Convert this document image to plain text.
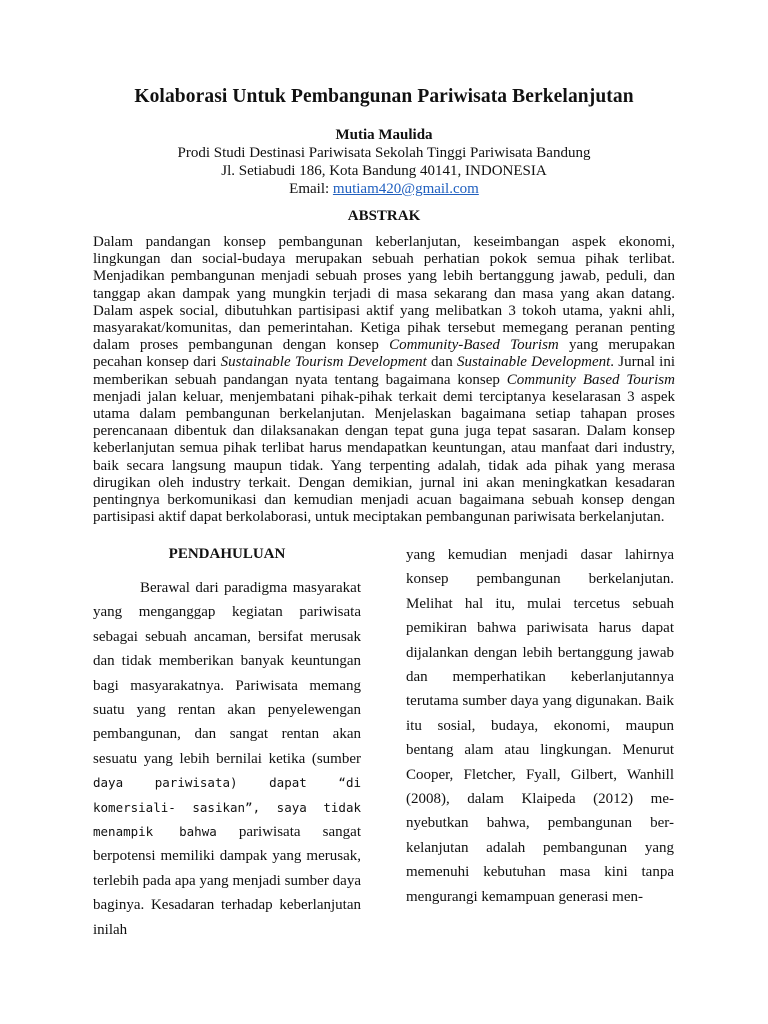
Kolaborasi Untuk Pembangunan Pariwisata Berkelanjutan
Mutia Maulida
Prodi Studi Destinasi Pariwisata Sekolah Tinggi Pariwisata Bandung
Jl. Setiabudi 186, Kota Bandung 40141, INDONESIA
Email: mutiam420@gmail.com
ABSTRAK

Dalam pandangan konsep pembangunan keberlanjutan, keseimbangan aspek ekonomi, lingkungan dan social-budaya merupakan sebuah perhatian pokok semua pihak terlibat. Menjadikan pembangunan menjadi sebuah proses yang lebih bertanggung jawab, peduli, dan tanggap akan dampak yang mungkin terjadi di masa sekarang dan masa yang akan datang. Dalam aspek social, dibutuhkan partisipasi aktif yang melibatkan 3 tokoh utama, yakni ahli, masyarakat/komunitas, dan pemerintahan. Ketiga pihak tersebut memegang peranan penting dalam proses pembangunan dengan konsep Community-Based Tourism yang merupakan pecahan konsep dari Sustainable Tourism Development dan Sustainable Development. Jurnal ini memberikan sebuah pandangan nyata tentang bagaimana konsep Community Based Tourism menjadi jalan keluar, menjembatani pihak-pihak terkait demi terciptanya keselarasan 3 aspek utama dalam pembangunan berkelanjutan. Menjelaskan bagaimana setiap tahapan proses perencanaan dibentuk dan dilaksanakan dengan tepat guna juga tepat sasaran. Dalam konsep keberlanjutan semua pihak terlibat harus mendapatkan keuntungan, atau manfaat dari industry, baik secara langsung maupun tidak. Yang terpenting adalah, tidak ada pihak yang merasa dirugikan oleh industry terkait. Dengan demikian, jurnal ini akan meningkatkan kesadaran pentingnya berkomunikasi dan kemudian menjadi acuan bagaimana sebuah konsep dengan partisipasi aktif dapat berkolaborasi, untuk meciptakan pembangunan pariwisata berkelanjutan.

PENDAHULUAN

Berawal dari paradigma masyarakat yang menganggap kegiatan pariwisata sebagai sebuah ancaman, bersifat merusak dan tidak memberikan banyak keuntungan bagi masyarakatnya. Pariwisata memang suatu yang rentan akan penyelewengan pembangunan, dan sangat rentan akan sesuatu yang lebih bernilai ketika (sumber daya pariwisata) dapat “di komersiali- sasikan”, saya tidak menampik bahwa pariwisata sangat berpotensi memiliki dampak yang merusak, terlebih pada apa yang menjadi sumber daya baginya. Kesadaran terhadap keberlanjutan inilah

yang kemudian menjadi dasar lahirnya konsep pembangunan berkelanjutan. Melihat hal itu, mulai tercetus sebuah pemikiran bahwa pariwisata harus dapat dijalankan dengan lebih bertanggung jawab dan memperhatikan keberlanjutannya terutama sumber daya yang digunakan. Baik itu sosial, budaya, ekonomi, maupun bentang alam atau lingkungan. Menurut Cooper, Fletcher, Fyall, Gilbert, Wanhill (2008), dalam Klaipeda (2012) me- nyebutkan bahwa, pembangunan ber- kelanjutan adalah pembangunan yang memenuhi kebutuhan masa kini tanpa mengurangi kemampuan generasi men-
